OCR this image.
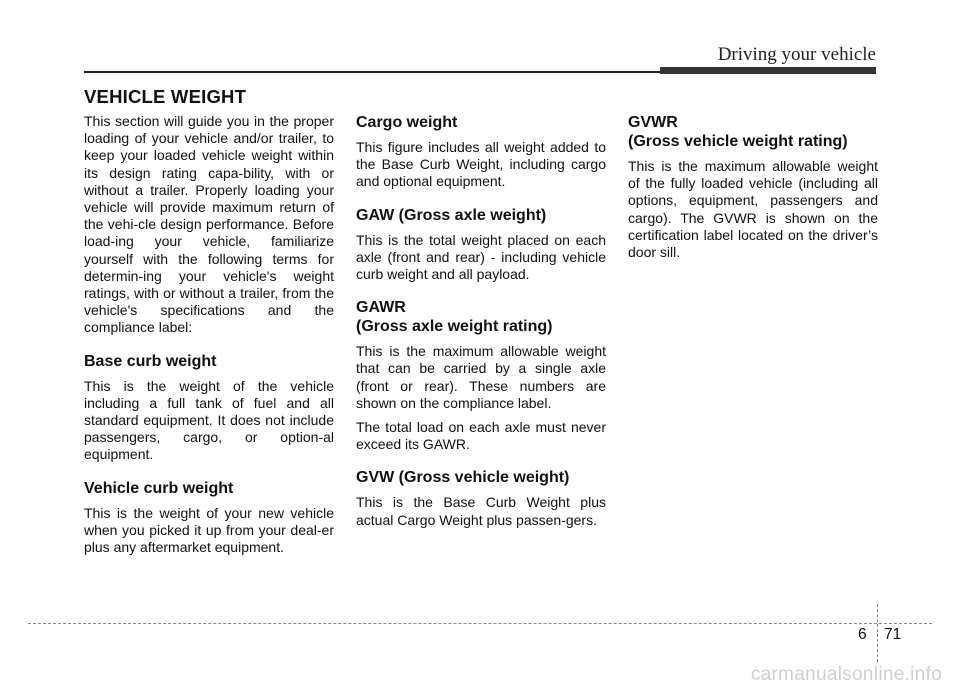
Driving your vehicle
VEHICLE WEIGHT

This section will guide you in the proper loading of your vehicle and/or trailer, to keep your loaded vehicle weight within its design rating capa-bility, with or without a trailer. Properly loading your vehicle will provide maximum return of the vehi-cle design performance. Before load-ing your vehicle, familiarize yourself with the following terms for determin-ing your vehicle's weight ratings, with or without a trailer, from the vehicle's specifications and the compliance label:

Base curb weight

This is the weight of the vehicle including a full tank of fuel and all standard equipment. It does not include passengers, cargo, or option-al equipment.

Vehicle curb weight

This is the weight of your new vehicle when you picked it up from your deal-er plus any aftermarket equipment.

Cargo weight

This figure includes all weight added to the Base Curb Weight, including cargo and optional equipment.

GAW (Gross axle weight)

This is the total weight placed on each axle (front and rear) - including vehicle curb weight and all payload.

GAWR
(Gross axle weight rating)

This is the maximum allowable weight that can be carried by a single axle (front or rear). These numbers are shown on the compliance label.

The total load on each axle must never exceed its GAWR.

GVW (Gross vehicle weight)

This is the Base Curb Weight plus actual Cargo Weight plus passen-gers.

GVWR
(Gross vehicle weight rating)

This is the maximum allowable weight of the fully loaded vehicle (including all options, equipment, passengers and cargo). The GVWR is shown on the certification label located on the driver’s door sill.

6 71
carmanualsonline.info
